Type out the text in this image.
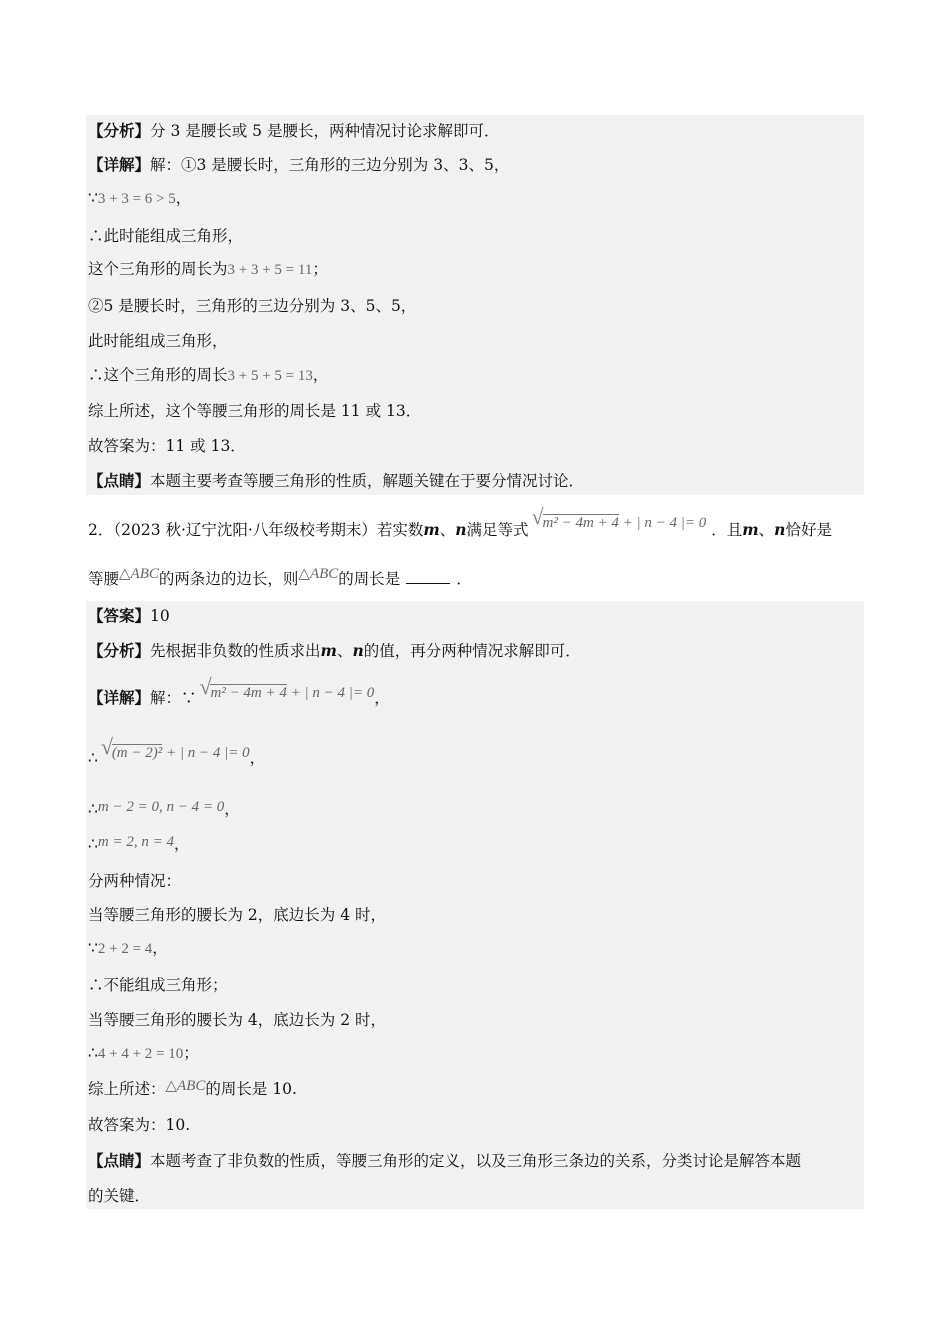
【分析】分 3 是腰长或 5 是腰长，两种情况讨论求解即可．
【详解】解：①3 是腰长时，三角形的三边分别为 3、3、5，
∵3 + 3 = 6 > 5，
∴此时能组成三角形，
这个三角形的周长为3 + 3 + 5 = 11；
②5 是腰长时，三角形的三边分别为 3、5、5，
此时能组成三角形，
∴这个三角形的周长3 + 5 + 5 = 13，
综上所述，这个等腰三角形的周长是 11 或 13．
故答案为：11 或 13．
【点睛】本题主要考查等腰三角形的性质，解题关键在于要分情况讨论．
2．（2023 秋·辽宁沈阳·八年级校考期末）若实数m、n满足等式 √ m² − 4m + 4 + | n − 4 |= 0 ．且m、n恰好是
等腰△ABC的两条边的边长，则△ABC的周长是	．
【答案】10
【分析】先根据非负数的性质求出m、n的值，再分两种情况求解即可．
【详解】解：∵ √ m² − 4m + 4 + | n − 4 |= 0，
∴ √ (m − 2)² + | n − 4 |= 0，
∴m − 2 = 0, n − 4 = 0，
∴m = 2, n = 4，
分两种情况：
当等腰三角形的腰长为 2，底边长为 4 时，
∵2 + 2 = 4，
∴不能组成三角形；
当等腰三角形的腰长为 4，底边长为 2 时，
∴4 + 4 + 2 = 10；
综上所述：△ABC的周长是 10.
故答案为：10.
【点睛】本题考查了非负数的性质，等腰三角形的定义，以及三角形三条边的关系，分类讨论是解答本题
的关键．
